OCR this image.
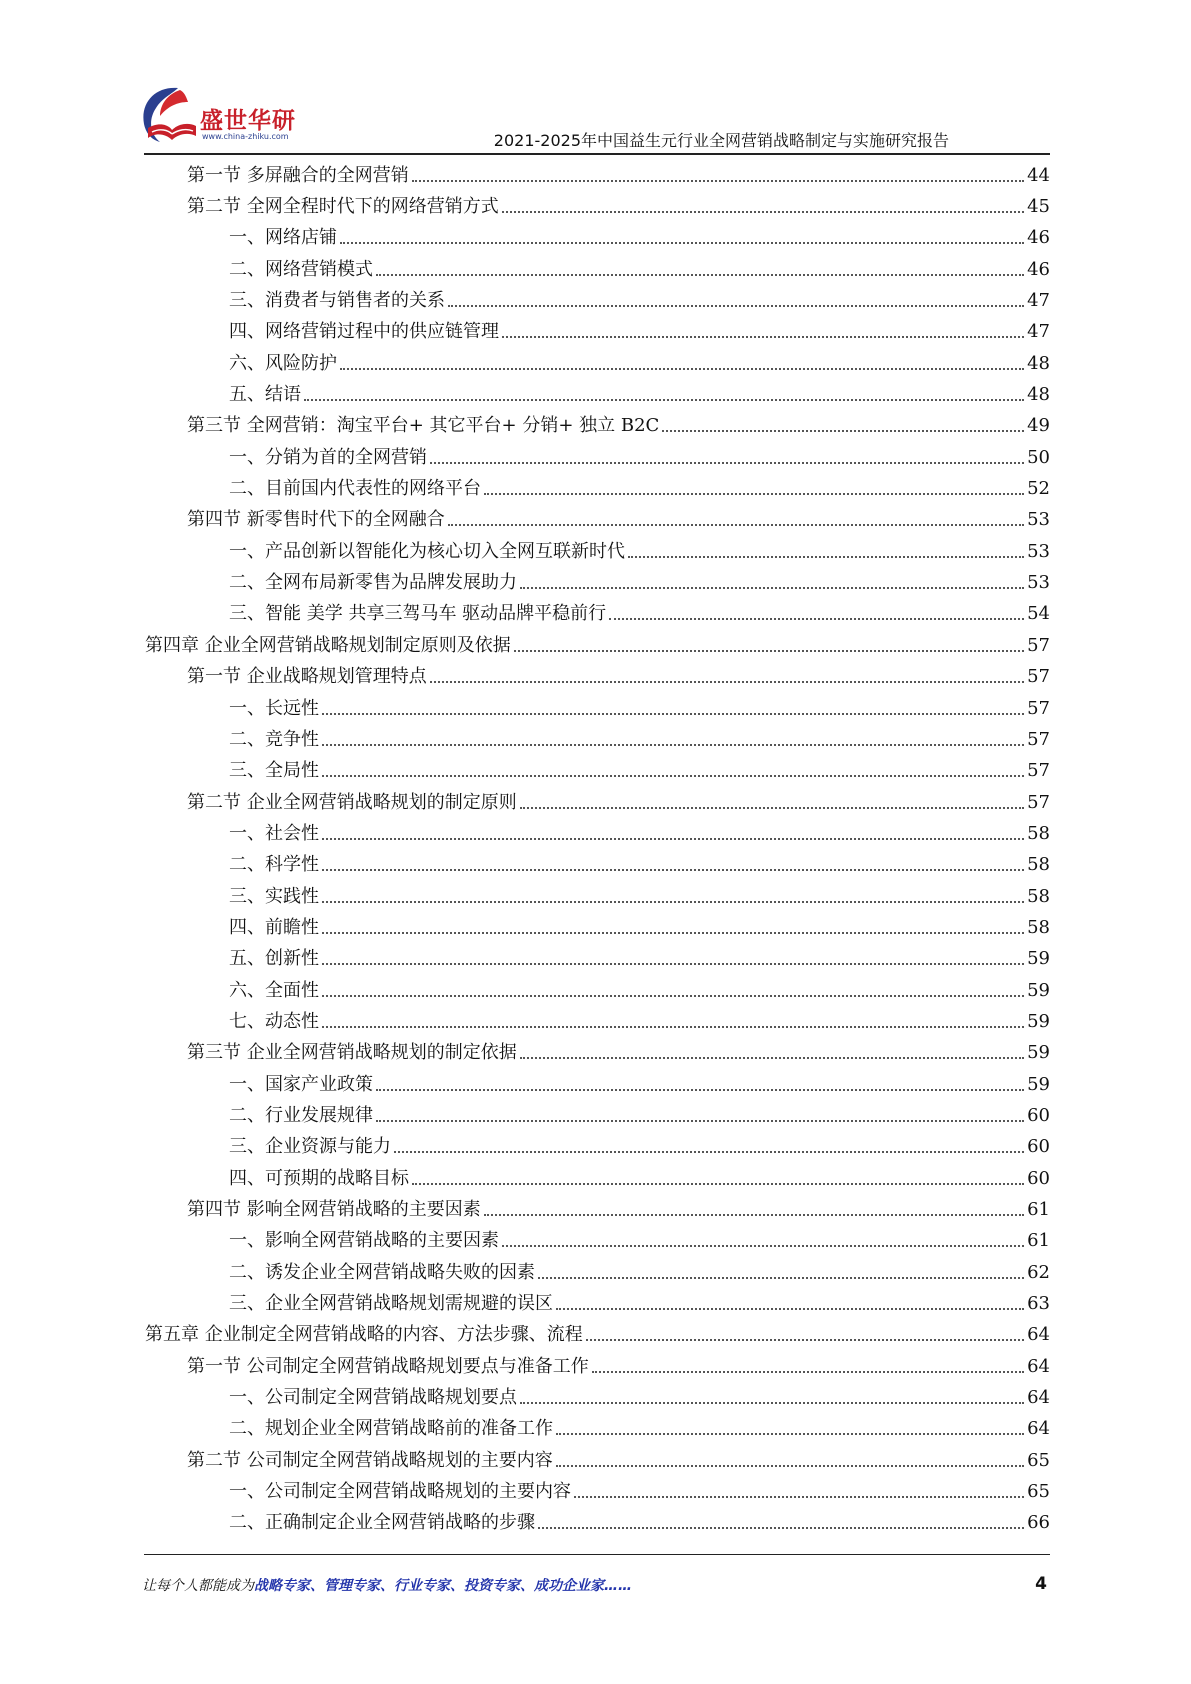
盛世华研
www.china-zhiku.com	2021-2025年中国益生元行业全网营销战略制定与实施研究报告
第一节 多屏融合的全网营销	44
第二节 全网全程时代下的网络营销方式	45
一、网络店铺	46
二、网络营销模式	46
三、消费者与销售者的关系	47
四、网络营销过程中的供应链管理	47
六、风险防护	48
五、结语	48
第三节 全网营销：淘宝平台+ 其它平台+ 分销+ 独立 B2C	49
一、分销为首的全网营销	50
二、目前国内代表性的网络平台	52
第四节 新零售时代下的全网融合	53
一、产品创新以智能化为核心切入全网互联新时代	53
二、全网布局新零售为品牌发展助力	53
三、智能 美学 共享三驾马车 驱动品牌平稳前行	54
第四章 企业全网营销战略规划制定原则及依据	57
第一节 企业战略规划管理特点	57
一、长远性	57
二、竞争性	57
三、全局性	57
第二节 企业全网营销战略规划的制定原则	57
一、社会性	58
二、科学性	58
三、实践性	58
四、前瞻性	58
五、创新性	59
六、全面性	59
七、动态性	59
第三节 企业全网营销战略规划的制定依据	59
一、国家产业政策	59
二、行业发展规律	60
三、企业资源与能力	60
四、可预期的战略目标	60
第四节 影响全网营销战略的主要因素	61
一、影响全网营销战略的主要因素	61
二、诱发企业全网营销战略失败的因素	62
三、企业全网营销战略规划需规避的误区	63
第五章 企业制定全网营销战略的内容、方法步骤、流程	64
第一节 公司制定全网营销战略规划要点与准备工作	64
一、公司制定全网营销战略规划要点	64
二、规划企业全网营销战略前的准备工作	64
第二节 公司制定全网营销战略规划的主要内容	65
一、公司制定全网营销战略规划的主要内容	65
二、正确制定企业全网营销战略的步骤	66
让每个人都能成为战略专家、管理专家、行业专家、投资专家、成功企业家……	4
